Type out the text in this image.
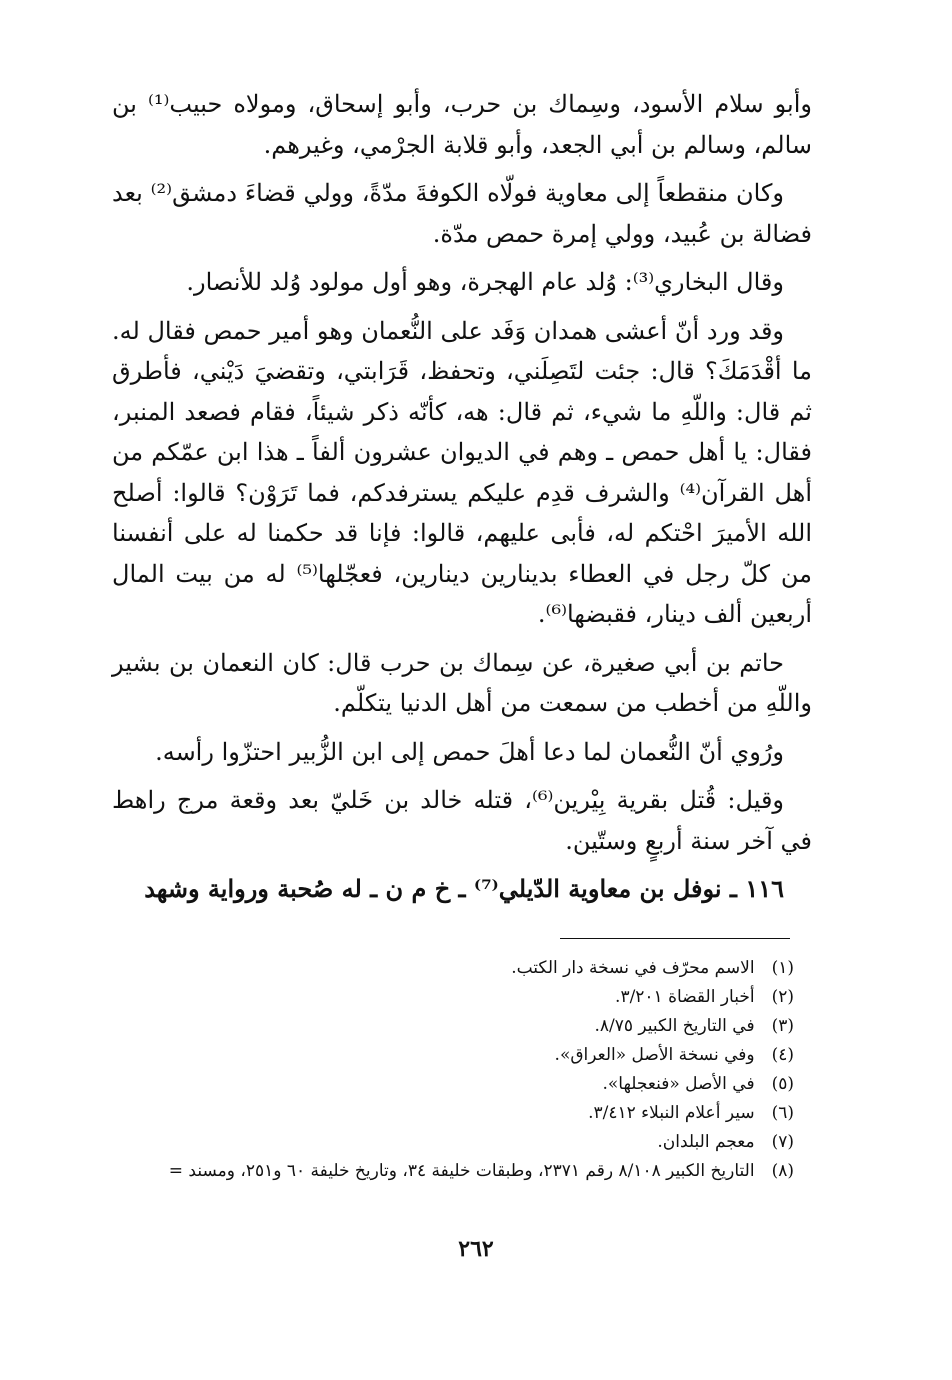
وأبو سلام الأسود، وسِماك بن حرب، وأبو إسحاق، ومولاه حبيب⁽¹⁾ بن سالم، وسالم بن أبي الجعد، وأبو قلابة الجرْمي، وغيرهم.

وكان منقطعاً إلى معاوية فولّاه الكوفةَ مدّةً، وولي قضاءَ دمشق⁽²⁾ بعد فضالة بن عُبيد، وولي إمرة حمص مدّة.

وقال البخاري⁽³⁾: وُلد عام الهجرة، وهو أول مولود وُلد للأنصار.

وقد ورد أنّ أعشى همدان وَفَد على النُّعمان وهو أمير حمص فقال له. ما أقْدَمَكَ؟ قال: جئت لتَصِلَني، وتحفظ، قَرَابتي، وتقضيَ دَيْني، فأطرق ثم قال: واللّهِ ما شيء، ثم قال: هه، كأنّه ذكر شيئاً، فقام فصعد المنبر، فقال: يا أهل حمص ـ وهم في الديوان عشرون ألفاً ـ هذا ابن عمّكم من أهل القرآن⁽⁴⁾ والشرف قدِم عليكم يسترفدكم، فما تَرَوْن؟ قالوا: أصلح الله الأميرَ احْتكم له، فأبى عليهم، قالوا: فإنا قد حكمنا له على أنفسنا من كلّ رجل في العطاء بدينارين دينارين، فعجّلها⁽⁵⁾ له من بيت المال أربعين ألف دينار، فقبضها⁽⁶⁾.

حاتم بن أبي صغيرة، عن سِماك بن حرب قال: كان النعمان بن بشير واللّهِ من أخطب من سمعت من أهل الدنيا يتكلّم.

ورُوي أنّ النُّعمان لما دعا أهلَ حمص إلى ابن الزُّبير احتزّوا رأسه.

وقيل: قُتل بقرية بِيْرين⁽⁶⁾، قتله خالد بن خَليّ بعد وقعة مرج راهط في آخر سنة أربعٍ وستّين.

١١٦ ـ نوفل بن معاوية الدّيلي⁽⁷⁾ ـ خ م ن ـ له صُحبة ورواية وشهد

(١) الاسم محرّف في نسخة دار الكتب.
(٢) أخبار القضاة ٣/٢٠١.
(٣) في التاريخ الكبير ٨/٧٥.
(٤) وفي نسخة الأصل «العراق».
(٥) في الأصل «فنعجلها».
(٦) سير أعلام النبلاء ٣/٤١٢.
(٧) معجم البلدان.
(٨) التاريخ الكبير ٨/١٠٨ رقم ٢٣٧١، وطبقات خليفة ٣٤، وتاريخ خليفة ٦٠ و٢٥١، ومسند =
٢٦٢
